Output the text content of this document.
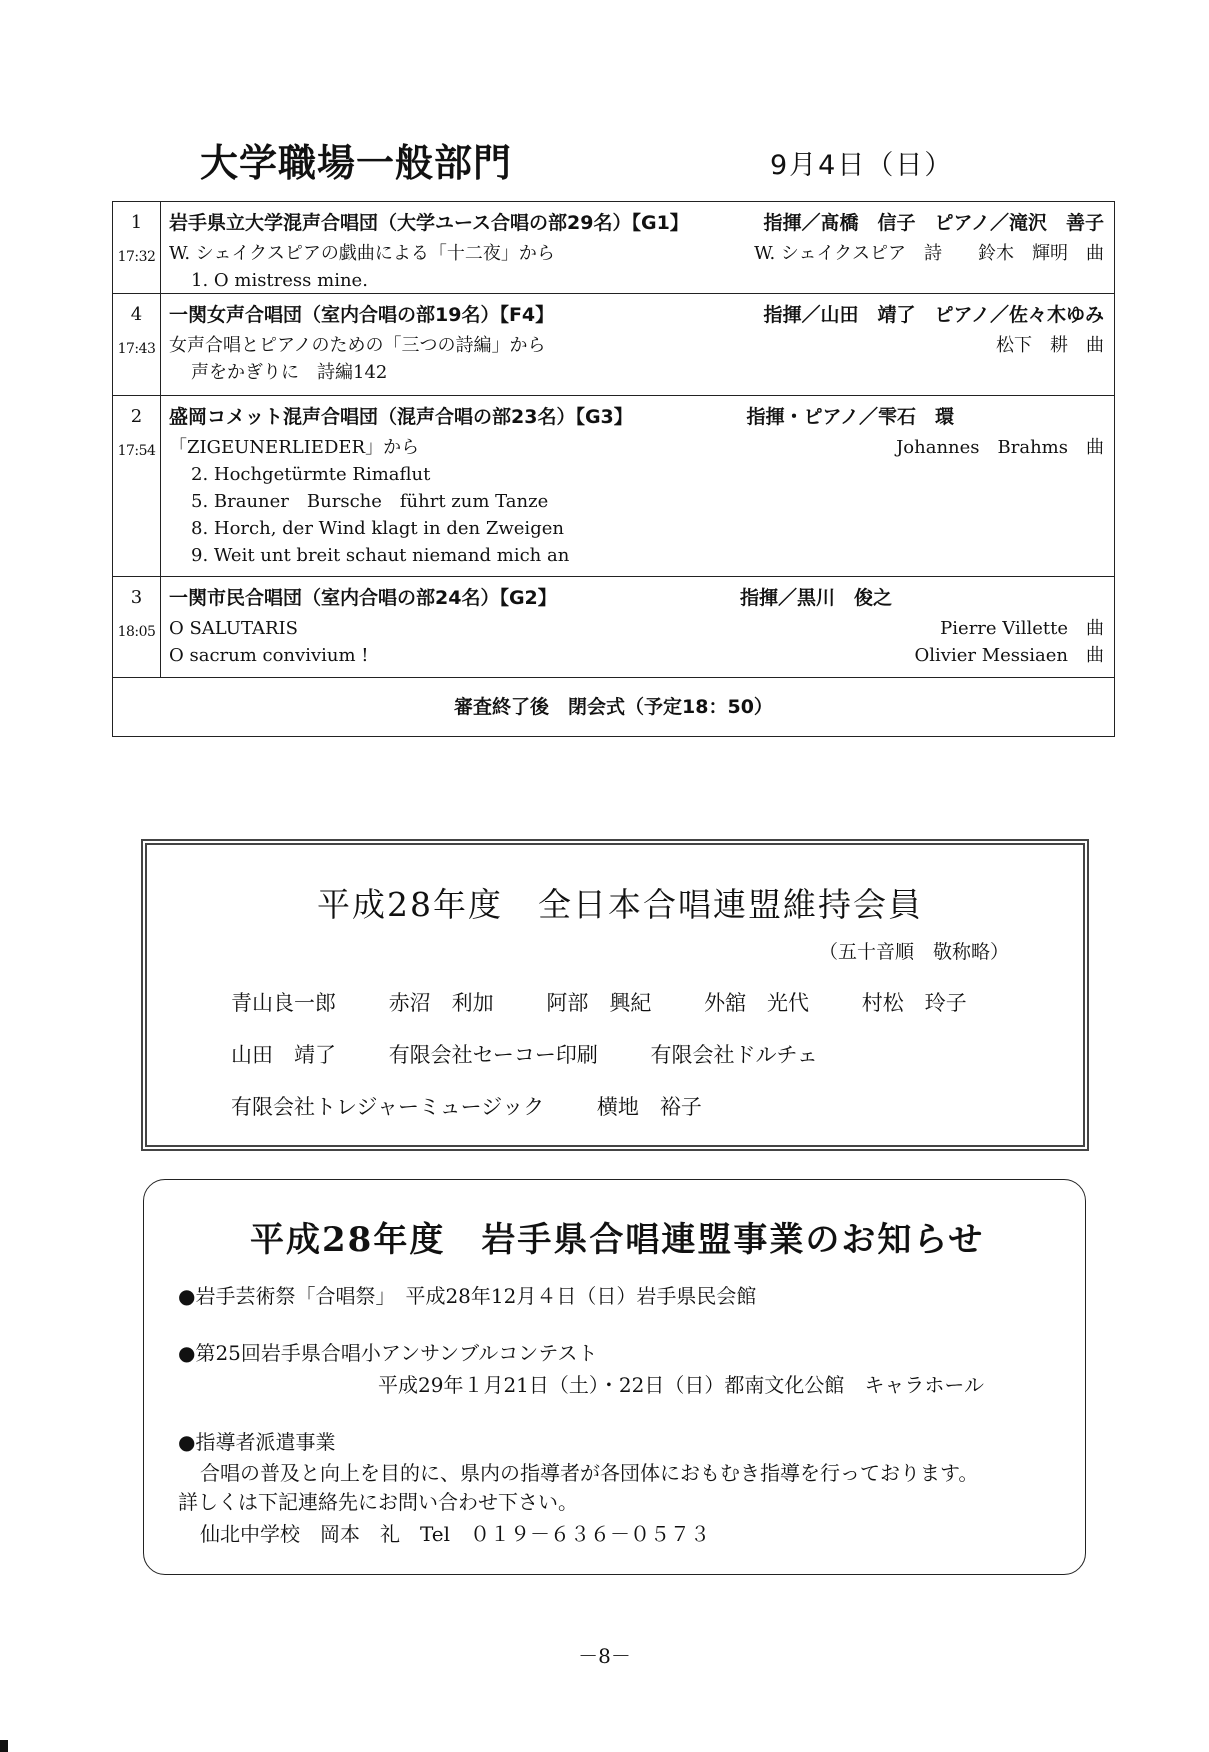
大学職場一般部門	9月4日（日）
1
17:32
岩手県立大学混声合唱団（大学ユース合唱の部29名）【G1】	指揮／髙橋　信子　ピアノ／滝沢　善子
W. シェイクスピアの戯曲による「十二夜」から	W. シェイクスピア　詩　　鈴木　輝明　曲
1. O mistress mine.
4
17:43
一関女声合唱団（室内合唱の部19名）【F4】	指揮／山田　靖了　ピアノ／佐々木ゆみ
女声合唱とピアノのための「三つの詩編」から	松下　耕　曲
声をかぎりに　詩編142
2
17:54
盛岡コメット混声合唱団（混声合唱の部23名）【G3】	指揮・ピアノ／雫石　環
「ZIGEUNERLIEDER」から	Johannes　Brahms　曲
2. Hochgetürmte Rimaflut
5. Brauner　Bursche　führt zum Tanze
8. Horch, der Wind klagt in den Zweigen
9. Weit unt breit schaut niemand mich an
3
18:05
一関市民合唱団（室内合唱の部24名）【G2】	指揮／黒川　俊之
O SALUTARIS	Pierre Villette　曲
O sacrum convivium !	Olivier Messiaen　曲
審査終了後　閉会式（予定18：50）
平成28年度　全日本合唱連盟維持会員
（五十音順　敬称略）
青山良一郎	赤沼　利加	阿部　興紀	外舘　光代	村松　玲子
山田　靖了	有限会社セーコー印刷	有限会社ドルチェ
有限会社トレジャーミュージック	横地　裕子
平成28年度　岩手県合唱連盟事業のお知らせ
●岩手芸術祭「合唱祭」　平成28年12月４日（日）岩手県民会館
●第25回岩手県合唱小アンサンブルコンテスト
平成29年１月21日（土）・22日（日）都南文化公館　キャラホール
●指導者派遣事業
合唱の普及と向上を目的に、県内の指導者が各団体におもむき指導を行っております。
詳しくは下記連絡先にお問い合わせ下さい。
仙北中学校　岡本　礼　Tel　０１９－６３６－０５７３
－8－
